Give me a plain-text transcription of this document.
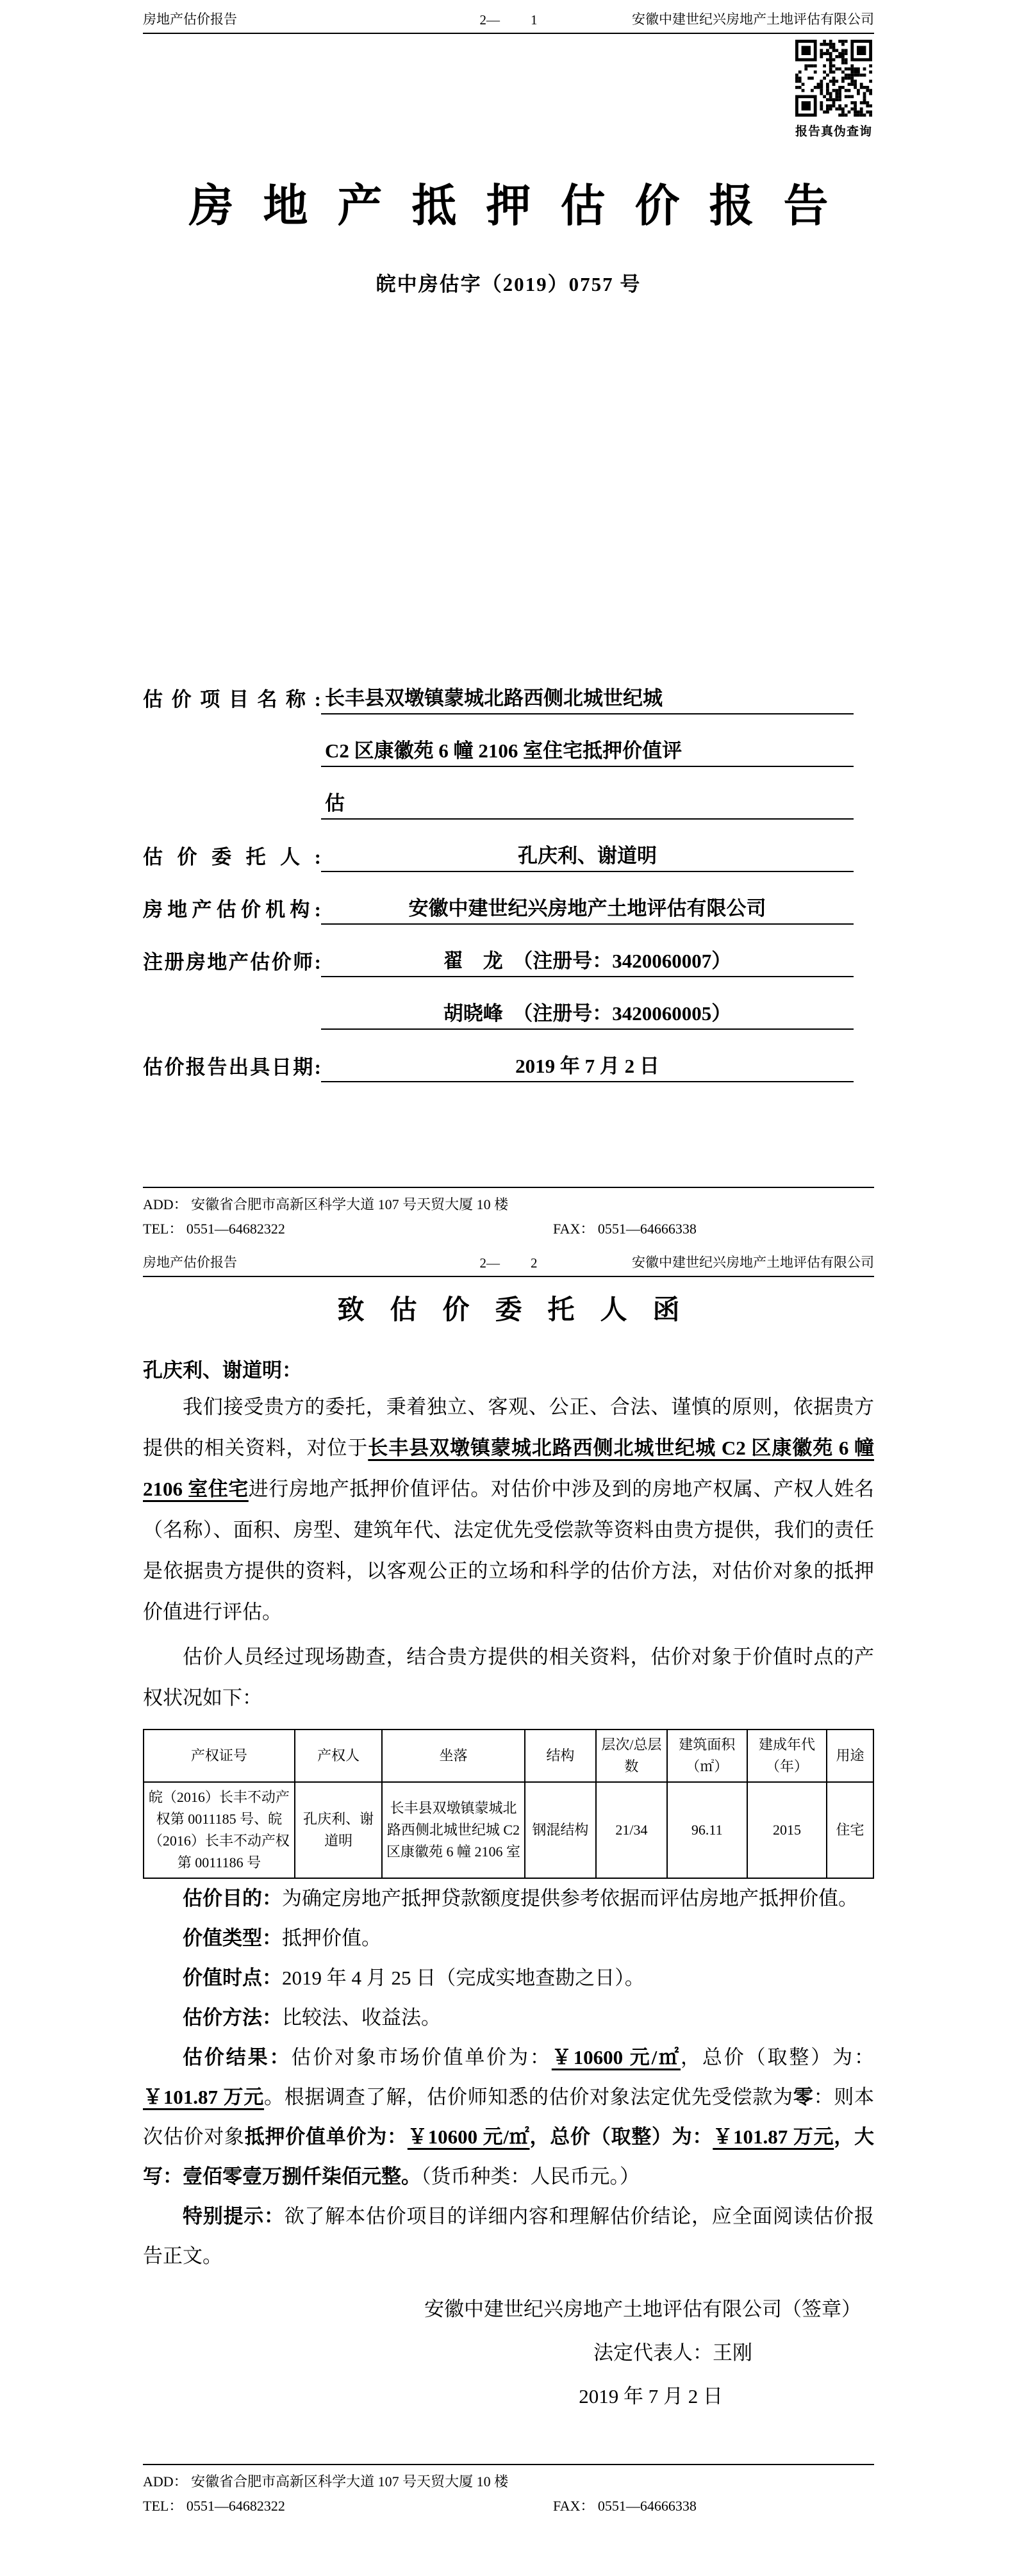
房地产估价报告	2— 1	安徽中建世纪兴房地产土地评估有限公司
报告真伪查询
房地产抵押估价报告
皖中房估字（2019）0757 号
估价项目名称: 长丰县双墩镇蒙城北路西侧北城世纪城
C2 区康徽苑 6 幢 2106 室住宅抵押价值评
估
估价委托人:	孔庆利、谢道明
房地产估价机构:	安徽中建世纪兴房地产土地评估有限公司
注册房地产估价师:	翟　龙　（注册号：3420060007）
胡晓峰　（注册号：3420060005）
估价报告出具日期:	2019 年 7 月 2 日
ADD： 安徽省合肥市高新区科学大道 107 号天贸大厦 10 楼
TEL： 0551—64682322	FAX： 0551—64666338
房地产估价报告	2— 2	安徽中建世纪兴房地产土地评估有限公司
致估价委托人函
孔庆利、谢道明：

我们接受贵方的委托，秉着独立、客观、公正、合法、谨慎的原则，依据贵方提供的相关资料，对位于长丰县双墩镇蒙城北路西侧北城世纪城 C2 区康徽苑 6 幢2106 室住宅进行房地产抵押价值评估。对估价中涉及到的房地产权属、产权人姓名（名称）、面积、房型、建筑年代、法定优先受偿款等资料由贵方提供，我们的责任是依据贵方提供的资料，以客观公正的立场和科学的估价方法，对估价对象的抵押价值进行评估。

估价人员经过现场勘查，结合贵方提供的相关资料，估价对象于价值时点的产权状况如下：

产权证号	产权人	坐落	结构	层次/总层数	建筑面积（㎡）	建成年代（年）	用途
皖（2016）长丰不动产权第 0011185 号、皖（2016）长丰不动产权第 0011186 号	孔庆利、谢道明	长丰县双墩镇蒙城北路西侧北城世纪城 C2 区康徽苑 6 幢 2106 室	钢混结构	21/34	96.11	2015	住宅

估价目的：为确定房地产抵押贷款额度提供参考依据而评估房地产抵押价值。

价值类型：抵押价值。

价值时点：2019 年 4 月 25 日（完成实地查勘之日）。

估价方法：比较法、收益法。

估价结果：估价对象市场价值单价为：￥10600 元/㎡，总价（取整）为：￥101.87 万元。根据调查了解，估价师知悉的估价对象法定优先受偿款为零：则本次估价对象抵押价值单价为：￥10600 元/㎡，总价（取整）为：￥101.87 万元，大写：壹佰零壹万捌仟柒佰元整。（货币种类：人民币元。）

特别提示：欲了解本估价项目的详细内容和理解估价结论，应全面阅读估价报告正文。

安徽中建世纪兴房地产土地评估有限公司（签章）
法定代表人：王刚
2019 年 7 月 2 日
ADD： 安徽省合肥市高新区科学大道 107 号天贸大厦 10 楼
TEL： 0551—64682322	FAX： 0551—64666338
